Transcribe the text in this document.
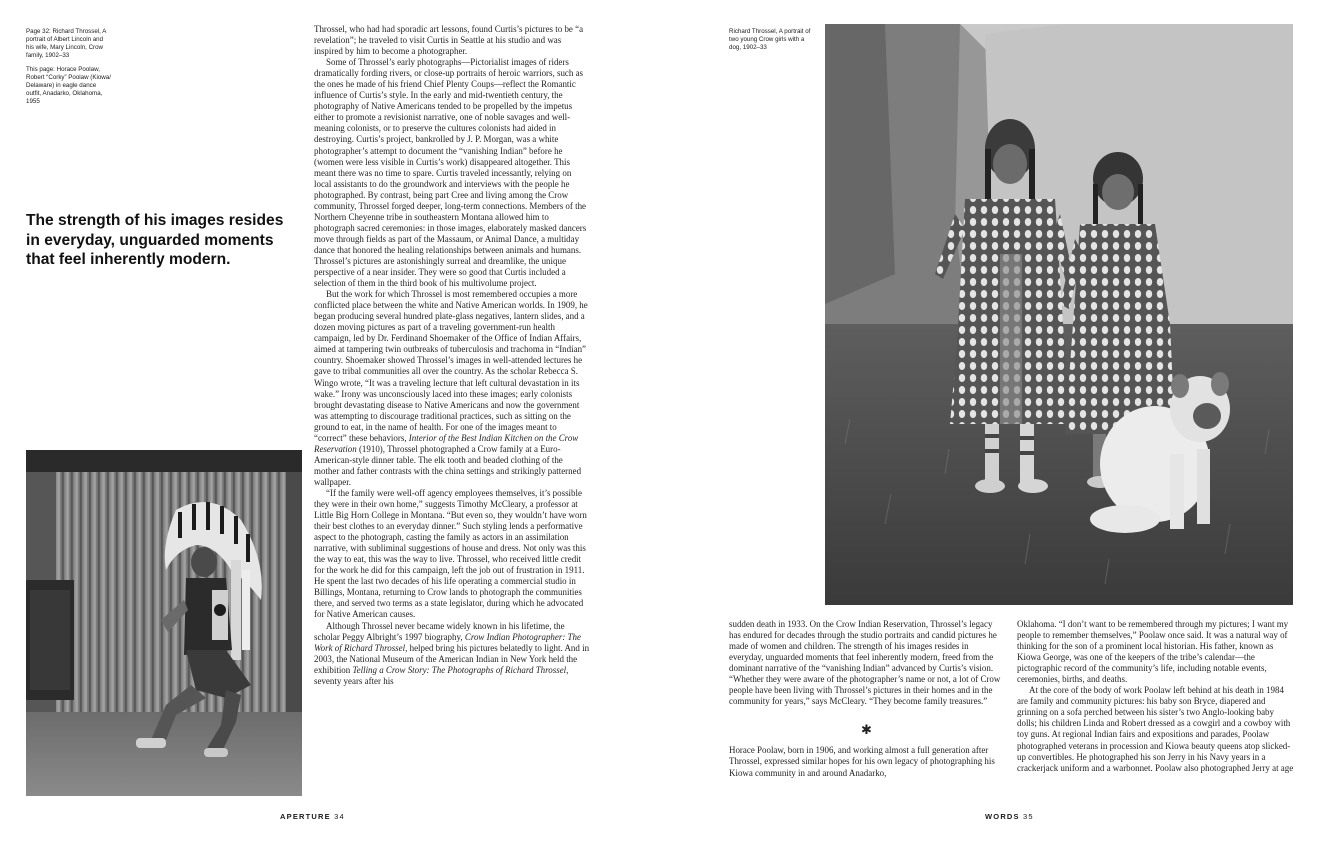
Page 32: Richard Throssel, A portrait of Albert Lincoln and his wife, Mary Lincoln, Crow family, 1902–33

This page: Horace Poolaw, Robert “Corky” Poolaw (Kiowa/ Delaware) in eagle dance outfit, Anadarko, Oklahoma, 1955

The strength of his images resides in everyday, unguarded moments that feel inherently modern.

Throssel, who had had sporadic art lessons, found Curtis’s pictures to be “a revelation”; he traveled to visit Curtis in Seattle at his studio and was inspired by him to become a photographer.

Some of Throssel’s early photographs—Pictorialist images of riders dramatically fording rivers, or close-up portraits of heroic warriors, such as the ones he made of his friend Chief Plenty Coups—reflect the Romantic influence of Curtis’s style. In the early and mid-twentieth century, the photography of Native Americans tended to be propelled by the impetus either to promote a revisionist narrative, one of noble savages and well-meaning colonists, or to preserve the cultures colonists had aided in destroying. Curtis’s project, bankrolled by J. P. Morgan, was a white photographer’s attempt to document the “vanishing Indian” before he (women were less visible in Curtis’s work) disappeared altogether. This meant there was no time to spare. Curtis traveled incessantly, relying on local assistants to do the groundwork and interviews with the people he photographed. By contrast, being part Cree and living among the Crow community, Throssel forged deeper, long-term connections. Members of the Northern Cheyenne tribe in southeastern Montana allowed him to photograph sacred ceremonies: in those images, elaborately masked dancers move through fields as part of the Massaum, or Animal Dance, a multiday dance that honored the healing relationships between animals and humans. Throssel’s pictures are astonishingly surreal and dreamlike, the unique perspective of a near insider. They were so good that Curtis included a selection of them in the third book of his multivolume project.

But the work for which Throssel is most remembered occupies a more conflicted place between the white and Native American worlds. In 1909, he began producing several hundred plate-glass negatives, lantern slides, and a dozen moving pictures as part of a traveling government-run health campaign, led by Dr. Ferdinand Shoemaker of the Office of Indian Affairs, aimed at tampering twin outbreaks of tuberculosis and trachoma in “Indian” country. Shoemaker showed Throssel’s images in well-attended lectures he gave to tribal communities all over the country. As the scholar Rebecca S. Wingo wrote, “It was a traveling lecture that left cultural devastation in its wake.” Irony was unconsciously laced into these images; early colonists brought devastating disease to Native Americans and now the government was attempting to discourage traditional practices, such as sitting on the ground to eat, in the name of health. For one of the images meant to “correct” these behaviors, Interior of the Best Indian Kitchen on the Crow Reservation (1910), Throssel photographed a Crow family at a Euro-American-style dinner table. The elk tooth and beaded clothing of the mother and father contrasts with the china settings and strikingly patterned wallpaper.

“If the family were well-off agency employees themselves, it’s possible they were in their own home,” suggests Timothy McCleary, a professor at Little Big Horn College in Montana. “But even so, they wouldn’t have worn their best clothes to an everyday dinner.” Such styling lends a performative aspect to the photograph, casting the family as actors in an assimilation narrative, with subliminal suggestions of house and dress. Not only was this the way to eat, this was the way to live. Throssel, who received little credit for the work he did for this campaign, left the job out of frustration in 1911. He spent the last two decades of his life operating a commercial studio in Billings, Montana, returning to Crow lands to photograph the communities there, and served two terms as a state legislator, during which he advocated for Native American causes.

Although Throssel never became widely known in his lifetime, the scholar Peggy Albright’s 1997 biography, Crow Indian Photographer: The Work of Richard Throssel, helped bring his pictures belatedly to light. And in 2003, the National Museum of the American Indian in New York held the exhibition Telling a Crow Story: The Photographs of Richard Throssel, seventy years after his

APERTURE 34
Richard Throssel, A portrait of two young Crow girls with a dog, 1902–33

sudden death in 1933. On the Crow Indian Reservation, Throssel’s legacy has endured for decades through the studio portraits and candid pictures he made of women and children. The strength of his images resides in everyday, unguarded moments that feel inherently modern, freed from the dominant narrative of the “vanishing Indian” advanced by Curtis’s vision. “Whether they were aware of the photographer’s name or not, a lot of Crow people have been living with Throssel’s pictures in their homes and in the community for years,” says McCleary. “They become family treasures.”

✱

Horace Poolaw, born in 1906, and working almost a full generation after Throssel, expressed similar hopes for his own legacy of photographing his Kiowa community in and around Anadarko,

Oklahoma. “I don’t want to be remembered through my pictures; I want my people to remember themselves,” Poolaw once said. It was a natural way of thinking for the son of a prominent local historian. His father, known as Kiowa George, was one of the keepers of the tribe’s calendar—the pictographic record of the community’s life, including notable events, ceremonies, births, and deaths.

At the core of the body of work Poolaw left behind at his death in 1984 are family and community pictures: his baby son Bryce, diapered and grinning on a sofa perched between his sister’s two Anglo-looking baby dolls; his children Linda and Robert dressed as a cowgirl and a cowboy with toy guns. At regional Indian fairs and expositions and parades, Poolaw photographed veterans in procession and Kiowa beauty queens atop slicked-up convertibles. He photographed his son Jerry in his Navy years in a crackerjack uniform and a warbonnet. Poolaw also photographed Jerry at age

WORDS 35
